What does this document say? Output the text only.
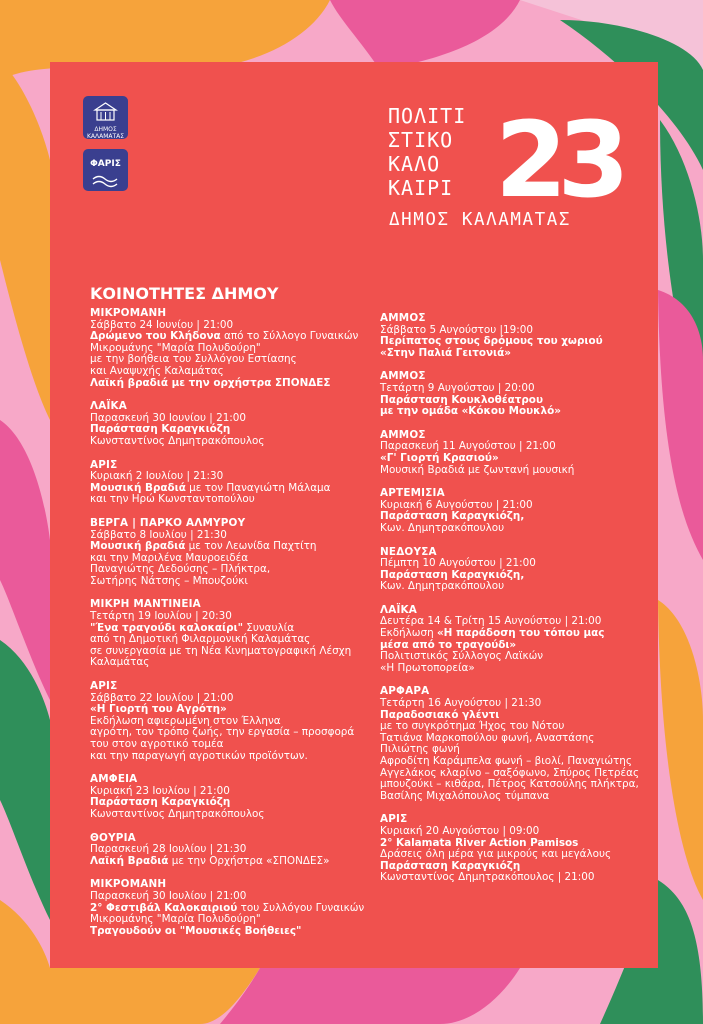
ΔΗΜΟΣ ΚΑΛΑΜΑΤΑΣ
ΦΑΡΙΣ
ΠΟΛΙΤΙ
ΣΤΙΚΟ
ΚΑΛΟ
ΚΑΙΡΙ 23
ΔΗΜΟΣ ΚΑΛΑΜΑΤΑΣ
ΚΟΙΝΟΤΗΤΕΣ ΔΗΜΟΥ
ΜΙΚΡΟΜΑΝΗ
Σάββατο 24 Ιουνίου | 21:00
Δρώμενο του Κλήδονα από το Σύλλογο Γυναικών
Μικρομάνης "Μαρία Πολυδούρη"
με την βοήθεια του Συλλόγου Εστίασης
και Αναψυχής Καλαμάτας
Λαϊκή βραδιά με την ορχήστρα ΣΠΟΝΔΕΣ
ΛΑΪΚΑ
Παρασκευή 30 Ιουνίου | 21:00
Παράσταση Καραγκιόζη
Κωνσταντίνος Δημητρακόπουλος
ΑΡΙΣ
Κυριακή 2 Ιουλίου | 21:30
Μουσική Βραδιά με τον Παναγιώτη Μάλαμα
και την Ηρώ Κωνσταντοπούλου
ΒΕΡΓΑ | ΠΑΡΚΟ ΑΛΜΥΡΟΥ
Σάββατο 8 Ιουλίου | 21:30
Μουσική βραδιά με τον Λεωνίδα Παχτίτη
και την Μαριλένα Μαυροειδέα
Παναγιώτης Δεδούσης – Πλήκτρα,
Σωτήρης Νάτσης – Μπουζούκι
ΜΙΚΡΗ ΜΑΝΤΙΝΕΙΑ
Τετάρτη 19 Ιουλίου | 20:30
"Ένα τραγούδι καλοκαίρι" Συναυλία
από τη Δημοτική Φιλαρμονική Καλαμάτας
σε συνεργασία με τη Νέα Κινηματογραφική Λέσχη
Καλαμάτας
ΑΡΙΣ
Σάββατο 22 Ιουλίου | 21:00
«Η Γιορτή του Αγρότη»
Εκδήλωση αφιερωμένη στον Έλληνα
αγρότη, τον τρόπο ζωής, την εργασία – προσφορά
του στον αγροτικό τομέα
και την παραγωγή αγροτικών προϊόντων.
ΑΜΦΕΙΑ
Κυριακή 23 Ιουλίου | 21:00
Παράσταση Καραγκιόζη
Κωνσταντίνος Δημητρακόπουλος
ΘΟΥΡΙΑ
Παρασκευή 28 Ιουλίου | 21:30
Λαϊκή Βραδιά με την Ορχήστρα «ΣΠΟΝΔΕΣ»
ΜΙΚΡΟΜΑΝΗ
Παρασκευή 30 Ιουλίου | 21:00
2° Φεστιβάλ Καλοκαιριού του Συλλόγου Γυναικών
Μικρομάνης "Μαρία Πολυδούρη"
Τραγουδούν οι "Μουσικές Βοήθειες"
ΑΜΜΟΣ
Σάββατο 5 Αυγούστου |19:00
Περίπατος στους δρόμους του χωριού
«Στην Παλιά Γειτονιά»
ΑΜΜΟΣ
Τετάρτη 9 Αυγούστου | 20:00
Παράσταση Κουκλοθέατρου
με την ομάδα «Κόκου Μουκλό»
ΑΜΜΟΣ
Παρασκευή 11 Αυγούστου | 21:00
«Γ' Γιορτή Κρασιού»
Μουσική Βραδιά με ζωντανή μουσική
ΑΡΤΕΜΙΣΙΑ
Κυριακή 6 Αυγούστου | 21:00
Παράσταση Καραγκιόζη,
Κων. Δημητρακόπουλου
ΝΕΔΟΥΣΑ
Πέμπτη 10 Αυγούστου | 21:00
Παράσταση Καραγκιόζη,
Κων. Δημητρακόπουλου
ΛΑΪΚΑ
Δευτέρα 14 & Τρίτη 15 Αυγούστου | 21:00
Εκδήλωση «Η παράδοση του τόπου μας
μέσα από το τραγούδι»
Πολιτιστικός Σύλλογος Λαϊκών
«Η Πρωτοπορεία»
ΑΡΦΑΡΑ
Τετάρτη 16 Αυγούστου | 21:30
Παραδοσιακό γλέντι
με το συγκρότημα Ήχος του Νότου
Τατιάνα Μαρκοπούλου φωνή, Αναστάσης
Πιλιώτης φωνή
Αφροδίτη Καράμπελα φωνή – βιολί, Παναγιώτης
Αγγελάκος κλαρίνο – σαξόφωνο, Σπύρος Πετρέας
μπουζούκι – κιθάρα, Πέτρος Κατσούλης πλήκτρα,
Βασίλης Μιχαλόπουλος τύμπανα
ΑΡΙΣ
Κυριακή 20 Αυγούστου | 09:00
2° Kalamata River Action Pamisos
Δράσεις όλη μέρα για μικρούς και μεγάλους
Παράσταση Καραγκιόζη
Κωνσταντίνος Δημητρακόπουλος | 21:00
